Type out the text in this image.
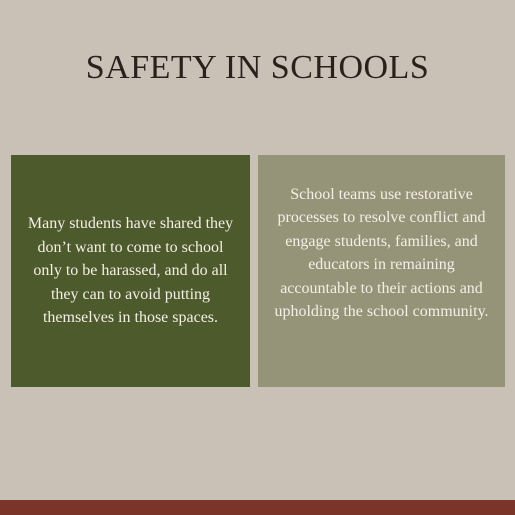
SAFETY IN SCHOOLS

Many students have shared they don’t want to come to school only to be harassed, and do all they can to avoid putting themselves in those spaces.

School teams use restorative processes to resolve conflict and engage students, families, and educators in remaining accountable to their actions and upholding the school community.
